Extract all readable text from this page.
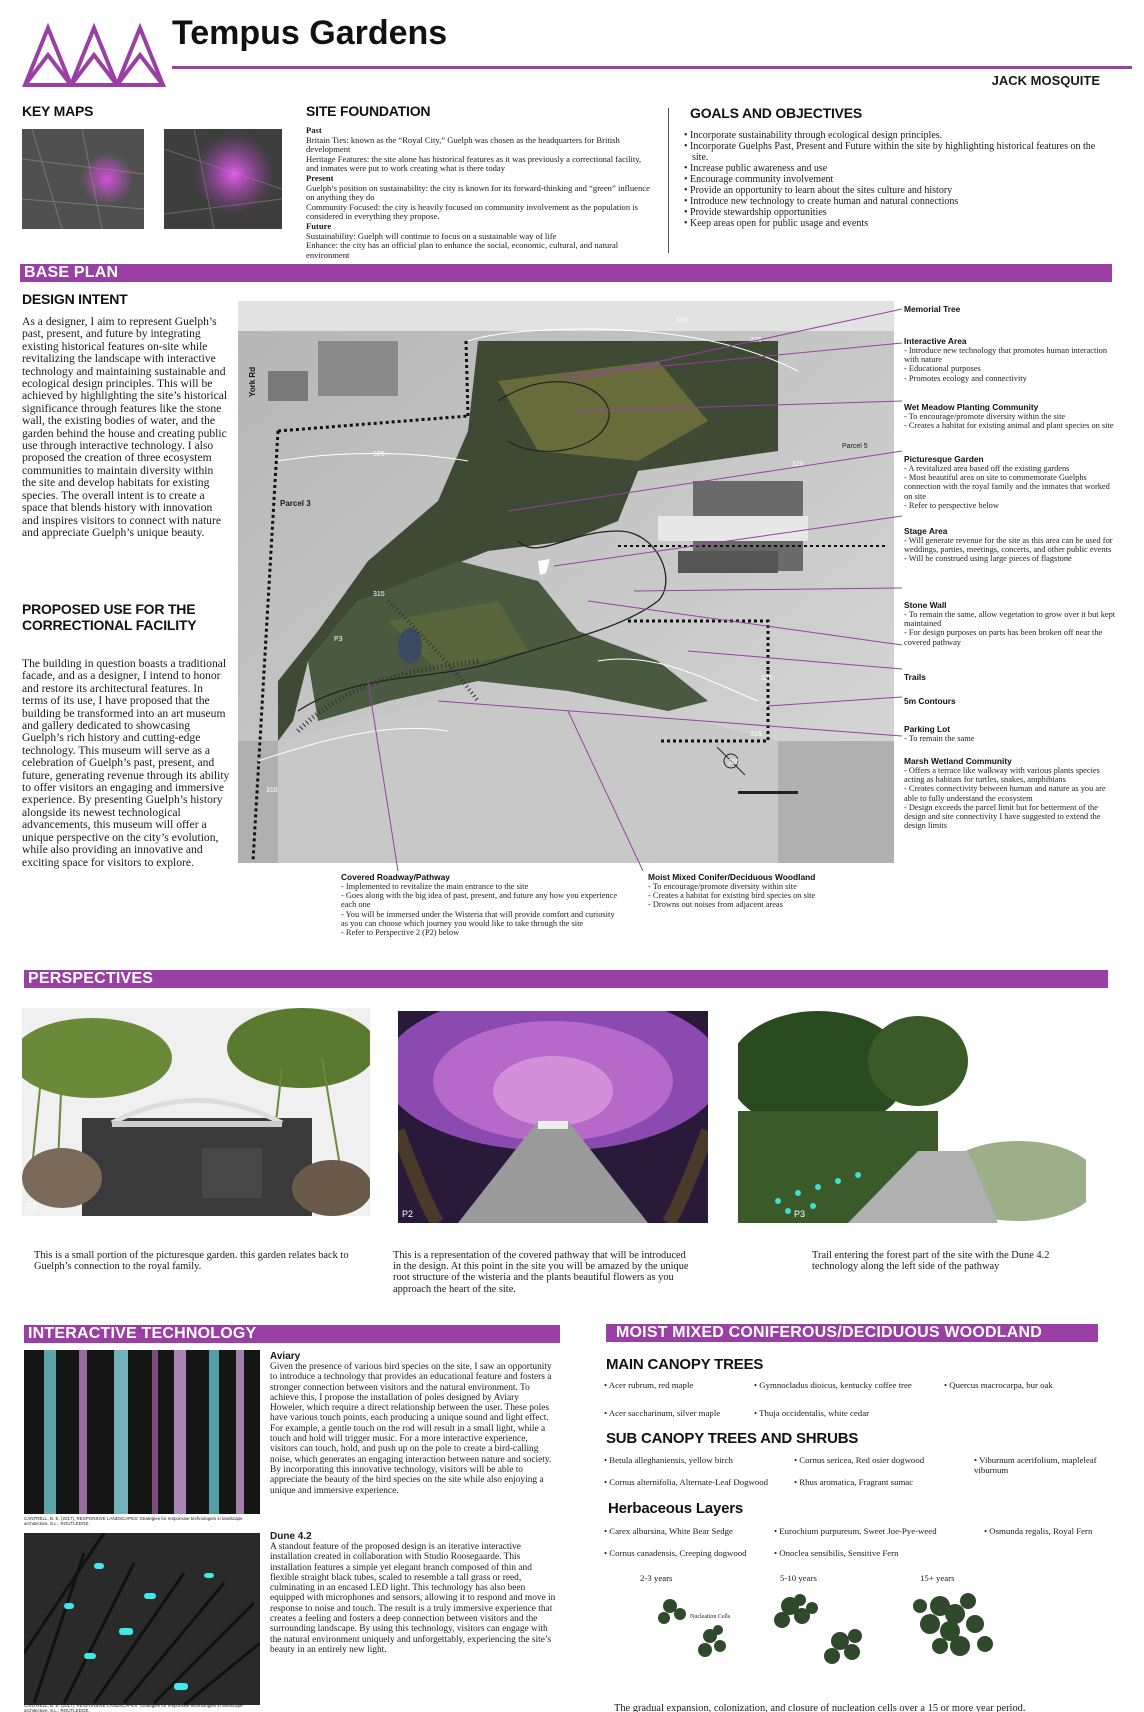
Tempus Gardens
JACK MOSQUITE
KEY MAPS	SITE FOUNDATION
Past
Britain Ties: known as the “Royal City,” Guelph was chosen as the headquarters for British development
Heritage Features: the site alone has historical features as it was previously a correctional facility, and inmates were put to work creating what is there today
Present
Guelph’s position on sustainability: the city is known for its forward-thinking and “green” influence on anything they do
Community Focused: the city is heavily focused on community involvement as the population is considered in everything they propose.
Future
Sustainability: Guelph will continue to focus on a sustainable way of life
Enhance: the city has an official plan to enhance the social, economic, cultural, and natural environment
GOALS AND OBJECTIVES
• Incorporate sustainability through ecological design principles.
• Incorporate Guelphs Past, Present and Future within the site by highlighting historical features on the site.
• Increase public awareness and use
• Encourage community involvement
• Provide an opportunity to learn about the sites culture and history
• Introduce new technology to create human and natural connections
• Provide stewardship opportunities
• Keep areas open for public usage and events
BASE PLAN
DESIGN INTENT
As a designer, I aim to represent Guelph’s past, present, and future by integrating existing historical features on-site while revitalizing the landscape with interactive technology and maintaining sustainable and ecological design principles. This will be achieved by highlighting the site’s historical significance through features like the stone wall, the existing bodies of water, and the garden behind the house and creating public use through interactive technology. I also proposed the creation of three ecosystem communities to maintain diversity within the site and develop habitats for existing species. The overall intent is to create a space that blends history with innovation and inspires visitors to connect with nature and appreciate Guelph’s unique beauty.
PROPOSED USE FOR THE CORRECTIONAL FACILITY
The building in question boasts a traditional facade, and as a designer, I intend to honor and restore its architectural features. In terms of its use, I have proposed that the building be transformed into an art museum and gallery dedicated to showcasing Guelph’s rich history and cutting-edge technology. This museum will serve as a celebration of Guelph’s past, present, and future, generating revenue through its ability to offer visitors an engaging and immersive experience. By presenting Guelph’s history alongside its newest technological advancements, this museum will offer a unique perspective on the city’s evolution, while also providing an innovative and exciting space for visitors to explore.
York Rd
Parcel 3
Parcel 5
P3
330
325
325
320
320
315
315
310
305
Memorial Tree
Interactive Area
- Introduce new technology that promotes human interaction with nature
- Educational purposes
- Promotes ecology and connectivity
Wet Meadow Planting Community
- To encourage/promote diversity within the site
- Creates a habitat for existing animal and plant species on site
Picturesque Garden
- A revitalized area based off the existing gardens
- Most beautiful area on site to commemorate Guelphs connection with the royal family and the inmates that worked on site
- Refer to perspective below
Stage Area
- Will generate revenue for the site as this area can be used for weddings, parties, meetings, concerts, and other public events
- Will be construed using large pieces of flagstone
Stone Wall
- To remain the same, allow vegetation to grow over it but kept maintained
- For design purposes on parts has been broken off near the covered pathway
Trails
5m Contours
Parking Lot
- To remain the same
Marsh Wetland Community
- Offers a terrace like walkway with various plants species acting as habitats for turtles, snakes, amphibians
- Creates connectivity between human and nature as you are able to fully understand the ecosystem
- Design exceeds the parcel limit but for betterment of the design and site connectivity I have suggested to extend the design limits
Covered Roadway/Pathway
- Implemented to revitalize the main entrance to the site
- Goes along with the big idea of past, present, and future any how you experience each one
- You will be immersed under the Wisteria that will provide comfort and curiosity as you can choose which journey you would like to take through the site
- Refer to Perspective 2 (P2) below
Moist Mixed Conifer/Deciduous Woodland
- To encourage/promote diversity within site
- Creates a habitat for existing bird species on site
- Drowns out noises from adjacent areas
PERSPECTIVES
P1
P2	P3
This is a small portion of the picturesque garden. this garden relates back to Guelph’s connection to the royal family.
This is a representation of the covered pathway that will be introduced in the design. At this point in the site you will be amazed by the unique root structure of the wisteria and the plants beautiful flowers as you approach the heart of the site.
Trail entering the forest part of the site with the Dune 4.2 technology along the left side of the pathway
INTERACTIVE TECHNOLOGY
CANTRELL, B. E. (2017). RESPONSIVE LANDSCAPES: Strategies for responsive technologies in landscape architecture. S.L.: ROUTLEDGE.
Aviary
Given the presence of various bird species on the site, I saw an opportunity to introduce a technology that provides an educational feature and fosters a stronger connection between visitors and the natural environment. To achieve this, I propose the installation of poles designed by Aviary Howeler, which require a direct relationship between the user. These poles have various touch points, each producing a unique sound and light effect. For example, a gentle touch on the rod will result in a small light, while a touch and hold will trigger music. For a more interactive experience, visitors can touch, hold, and push up on the pole to create a bird-calling noise, which generates an engaging interaction between nature and society. By incorporating this innovative technology, visitors will be able to appreciate the beauty of the bird species on the site while also enjoying a unique and immersive experience.
CANTRELL, B. E. (2017). RESPONSIVE LANDSCAPES: Strategies for responsive technologies in landscape architecture. S.L.: ROUTLEDGE.
Dune 4.2
A standout feature of the proposed design is an iterative interactive installation created in collaboration with Studio Roosegaarde. This installation features a simple yet elegant branch composed of thin and flexible straight black tubes, scaled to resemble a tall grass or reed, culminating in an encased LED light. This technology has also been equipped with microphones and sensors, allowing it to respond and move in response to noise and touch. The result is a truly immersive experience that creates a feeling and fosters a deep connection between visitors and the surrounding landscape. By using this technology, visitors can engage with the natural environment uniquely and unforgettably, experiencing the site’s beauty in an entirely new light.
MOIST MIXED CONIFEROUS/DECIDUOUS WOODLAND
MAIN CANOPY TREES
• Acer rubrum, red maple	• Gymnocladus dioicus, kentucky coffee tree	• Quercus macrocarpa, bur oak
• Acer saccharinum, silver maple	• Thuja occidentalis, white cedar
SUB CANOPY TREES AND SHRUBS
• Betula alleghaniensis, yellow birch	• Cornus sericea, Red osier dogwood	• Viburnum acerifolium, mapleleaf viburnum
• Cornus alternifolia, Alternate-Leaf Dogwood	• Rhus aromatica, Fragrant sumac
Herbaceous Layers
• Carex albursina, White Bear Sedge	• Eurochium purpureum, Sweet Joe-Pye-weed	• Osmunda regalis, Royal Fern
• Cornus canadensis, Creeping dogwood	• Onoclea sensibilis, Sensitive Fern
2-3 years	5-10 years	15+ years
Nucleation Cells
The gradual expansion, colonization, and closure of nucleation cells over a 15 or more year period.
